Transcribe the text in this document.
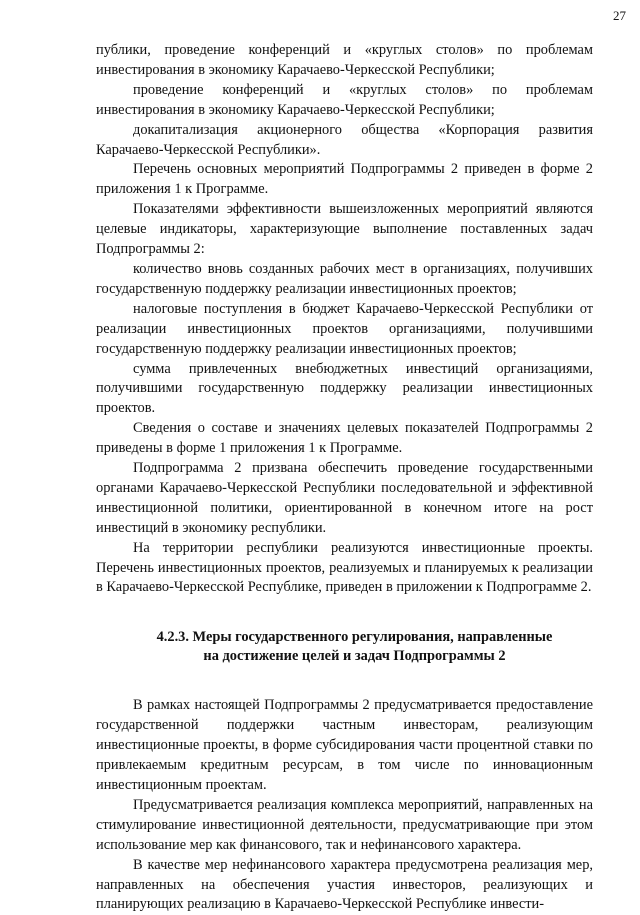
27

публики, проведение конференций и «круглых столов» по проблемам инвестирования в экономику Карачаево-Черкесской Республики;

проведение конференций и «круглых столов» по проблемам инвестирования в экономику Карачаево-Черкесской Республики;

докапитализация акционерного общества «Корпорация развития Карачаево-Черкесской Республики».

Перечень основных мероприятий Подпрограммы 2 приведен в форме 2 приложения 1 к Программе.

Показателями эффективности вышеизложенных мероприятий являются целевые индикаторы, характеризующие выполнение поставленных задач Подпрограммы 2:

количество вновь созданных рабочих мест в организациях, получивших государственную поддержку реализации инвестиционных проектов;

налоговые поступления в бюджет Карачаево-Черкесской Республики от реализации инвестиционных проектов организациями, получившими государственную поддержку реализации инвестиционных проектов;

сумма привлеченных внебюджетных инвестиций организациями, получившими государственную поддержку реализации инвестиционных проектов.

Сведения о составе и значениях целевых показателей Подпрограммы 2 приведены в форме 1 приложения 1 к Программе.

Подпрограмма 2 призвана обеспечить проведение государственными органами Карачаево-Черкесской Республики последовательной и эффективной инвестиционной политики, ориентированной в конечном итоге на рост инвестиций в экономику республики.

На территории республики реализуются инвестиционные проекты. Перечень инвестиционных проектов, реализуемых и планируемых к реализации в Карачаево-Черкесской Республике, приведен в приложении к Подпрограмме 2.

4.2.3. Меры государственного регулирования, направленные
на достижение целей и задач Подпрограммы 2

В рамках настоящей Подпрограммы 2 предусматривается предоставление государственной поддержки частным инвесторам, реализующим инвестиционные проекты, в форме субсидирования части процентной ставки по привлекаемым кредитным ресурсам, в том числе по инновационным инвестиционным проектам.

Предусматривается реализация комплекса мероприятий, направленных на стимулирование инвестиционной деятельности, предусматривающие при этом использование мер как финансового, так и нефинансового характера.

В качестве мер нефинансового характера предусмотрена реализация мер, направленных на обеспечения участия инвесторов, реализующих и планирующих реализацию в Карачаево-Черкесской Республике инвести-
